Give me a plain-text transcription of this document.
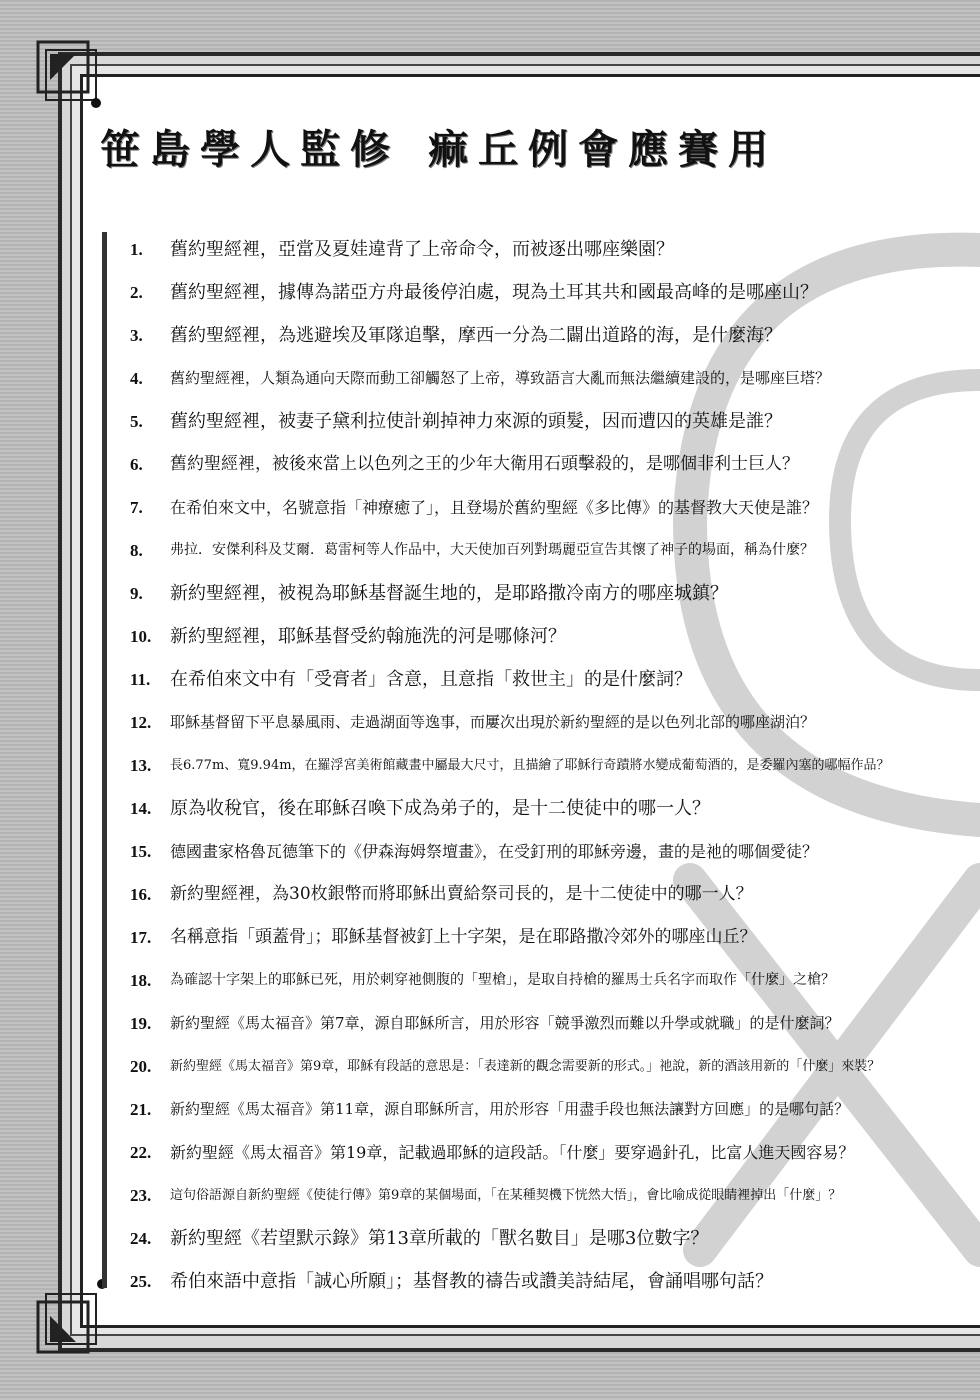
笹島學人監修 痲丘例會應賽用
1.	舊約聖經裡，亞當及夏娃違背了上帝命令，而被逐出哪座樂園？
2.	舊約聖經裡，據傳為諾亞方舟最後停泊處，現為土耳其共和國最高峰的是哪座山？
3.	舊約聖經裡，為逃避埃及軍隊追擊，摩西一分為二闢出道路的海，是什麼海？
4.	舊約聖經裡，人類為通向天際而動工卻觸怒了上帝，導致語言大亂而無法繼續建設的，是哪座巨塔？
5.	舊約聖經裡，被妻子黛利拉使計剃掉神力來源的頭髮，因而遭囚的英雄是誰？
6.	舊約聖經裡，被後來當上以色列之王的少年大衛用石頭擊殺的，是哪個非利士巨人？
7.	在希伯來文中，名號意指「神療癒了」，且登場於舊約聖經《多比傳》的基督教大天使是誰？
8.	弗拉．安傑利科及艾爾．葛雷柯等人作品中，大天使加百列對瑪麗亞宣告其懷了神子的場面，稱為什麼？
9.	新約聖經裡，被視為耶穌基督誕生地的，是耶路撒冷南方的哪座城鎮？
10.	新約聖經裡，耶穌基督受約翰施洗的河是哪條河？
11.	在希伯來文中有「受膏者」含意，且意指「救世主」的是什麼詞？
12.	耶穌基督留下平息暴風雨、走過湖面等逸事，而屢次出現於新約聖經的是以色列北部的哪座湖泊？
13.	長6.77m、寬9.94m，在羅浮宮美術館藏畫中屬最大尺寸，且描繪了耶穌行奇蹟將水變成葡萄酒的，是委羅內塞的哪幅作品？
14.	原為收稅官，後在耶穌召喚下成為弟子的，是十二使徒中的哪一人？
15.	德國畫家格魯瓦德筆下的《伊森海姆祭壇畫》，在受釘刑的耶穌旁邊，畫的是祂的哪個愛徒？
16.	新約聖經裡，為30枚銀幣而將耶穌出賣給祭司長的，是十二使徒中的哪一人？
17.	名稱意指「頭蓋骨」；耶穌基督被釘上十字架，是在耶路撒冷郊外的哪座山丘？
18.	為確認十字架上的耶穌已死，用於刺穿祂側腹的「聖槍」，是取自持槍的羅馬士兵名字而取作「什麼」之槍？
19.	新約聖經《馬太福音》第7章，源自耶穌所言，用於形容「競爭激烈而難以升學或就職」的是什麼詞？
20.	新約聖經《馬太福音》第9章，耶穌有段話的意思是：「表達新的觀念需要新的形式。」祂說，新的酒該用新的「什麼」來裝？
21.	新約聖經《馬太福音》第11章，源自耶穌所言，用於形容「用盡手段也無法讓對方回應」的是哪句話？
22.	新約聖經《馬太福音》第19章，記載過耶穌的這段話。「什麼」要穿過針孔，比富人進天國容易？
23.	這句俗語源自新約聖經《使徒行傳》第9章的某個場面，「在某種契機下恍然大悟」，會比喻成從眼睛裡掉出「什麼」？
24.	新約聖經《若望默示錄》第13章所載的「獸名數目」是哪3位數字？
25.	希伯來語中意指「誠心所願」；基督教的禱告或讚美詩結尾，會誦唱哪句話？
